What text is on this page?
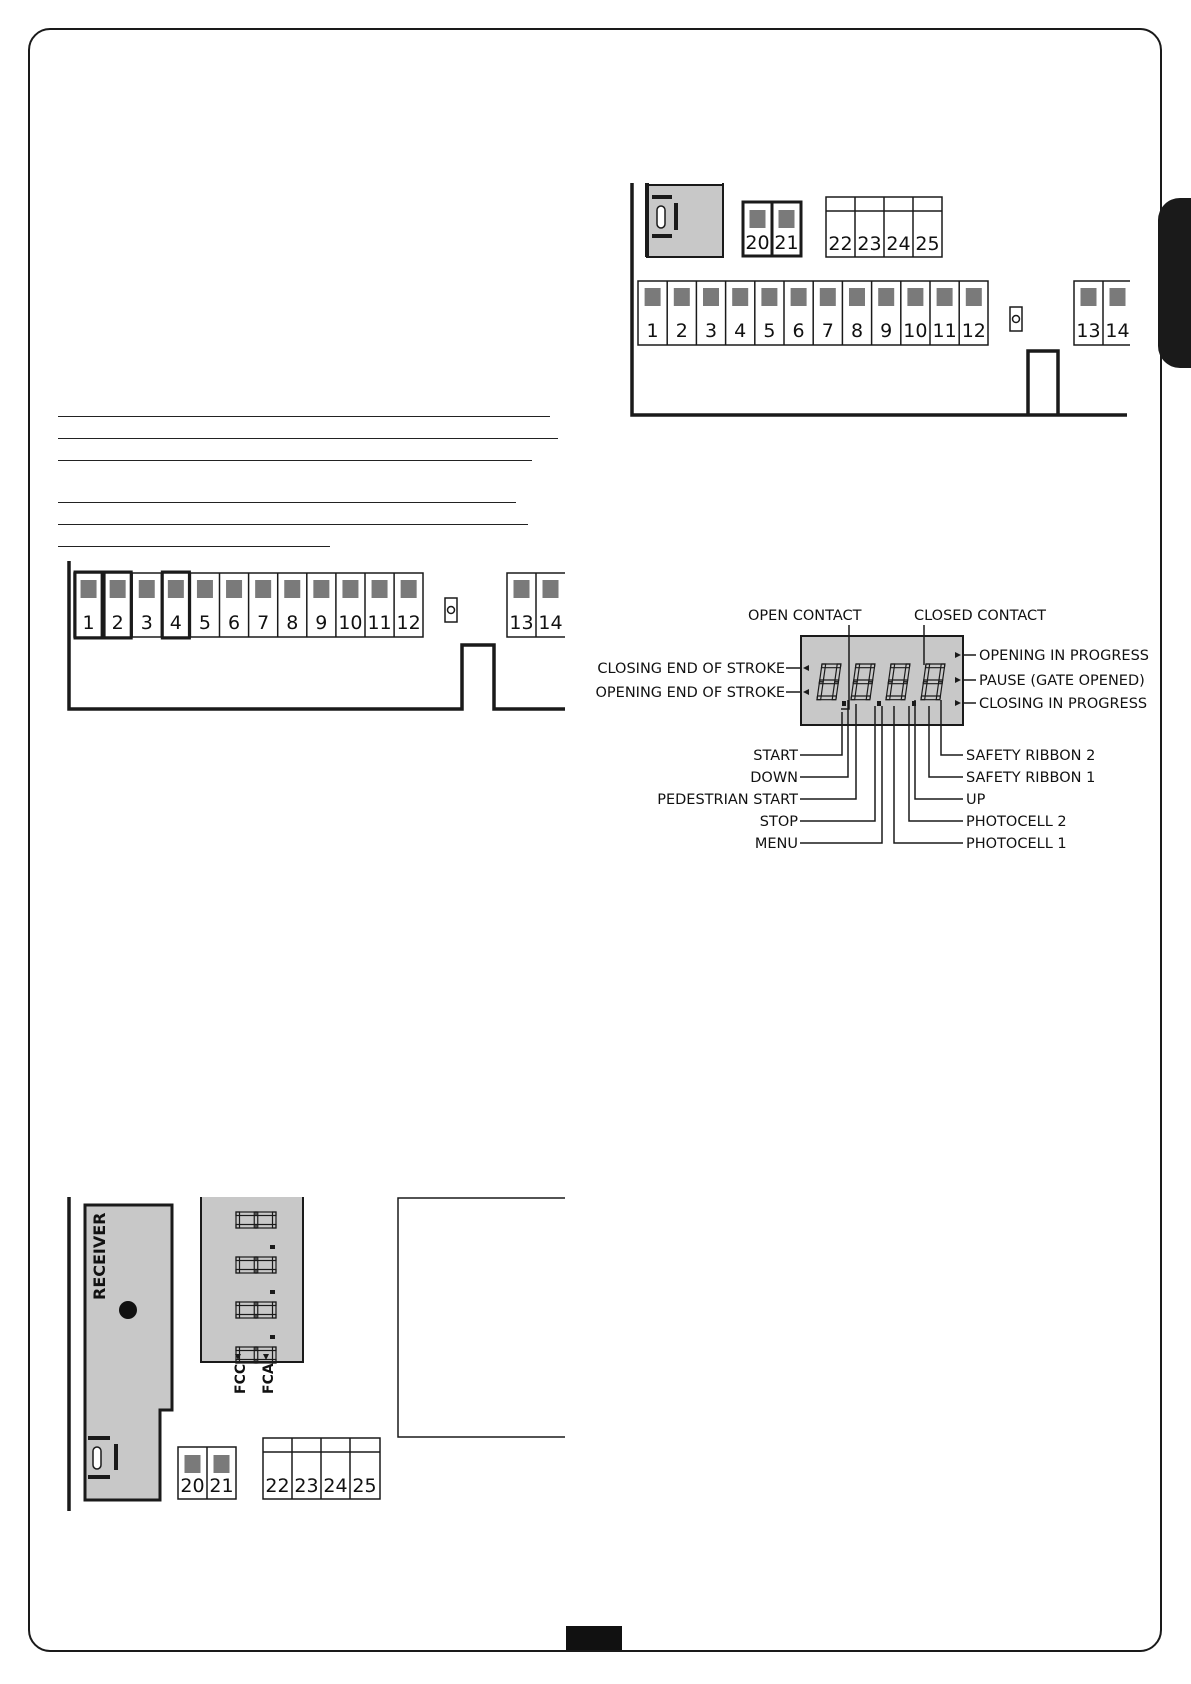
20 21 22 23 24 25
1 2 3 4 5 6 7 8 9 10 11 12	13 14
1 2 3 4 5 6 7 8 9 10 11 12	13 14	OPEN CONTACT	CLOSED CONTACT
CLOSING END OF STROKE
OPENING END OF STROKE
OPENING IN PROGRESS
PAUSE (GATE OPENED)
CLOSING IN PROGRESS
START
DOWN
PEDESTRIAN START
STOP
MENU
SAFETY RIBBON 2
SAFETY RIBBON 1
UP
PHOTOCELL 2
PHOTOCELL 1
20 21 22 23 24 25
RECEIVER
FCC FCA
